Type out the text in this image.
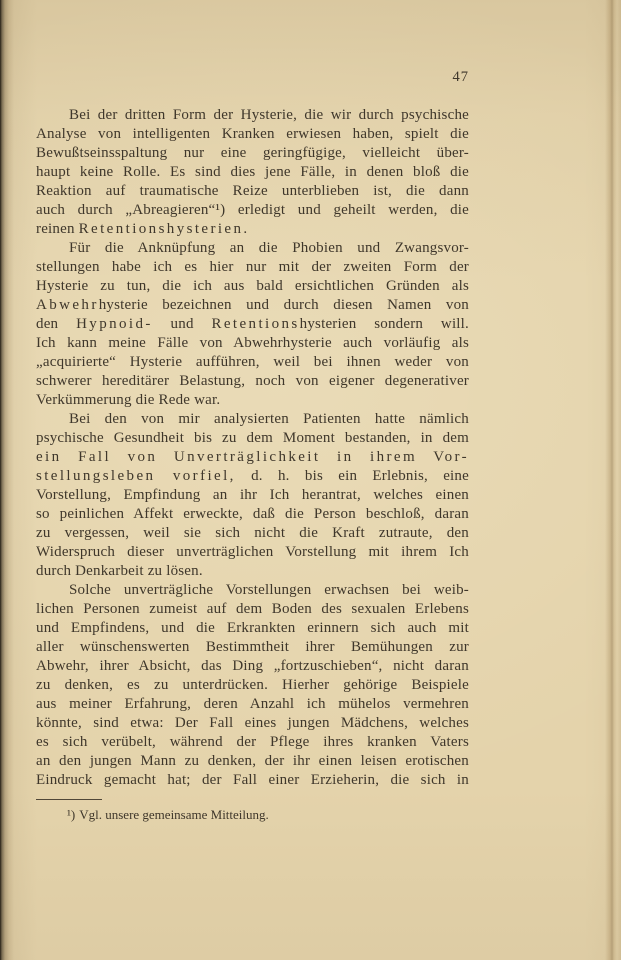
47
Bei der dritten Form der Hysterie, die wir durch psychische
Analyse von intelligenten Kranken erwiesen haben, spielt die
Bewußtseinsspaltung nur eine geringfügige, vielleicht über-
haupt keine Rolle. Es sind dies jene Fälle, in denen bloß die
Reaktion auf traumatische Reize unterblieben ist, die dann
auch durch „Abreagieren“¹) erledigt und geheilt werden, die
reinen Retentionshysterien.
Für die Anknüpfung an die Phobien und Zwangsvor-
stellungen habe ich es hier nur mit der zweiten Form der
Hysterie zu tun, die ich aus bald ersichtlichen Gründen als
Abwehrhysterie bezeichnen und durch diesen Namen von
den Hypnoid- und Retentionshysterien sondern will.
Ich kann meine Fälle von Abwehrhysterie auch vorläufig als
„acquirierte“ Hysterie aufführen, weil bei ihnen weder von
schwerer hereditärer Belastung, noch von eigener degenerativer
Verkümmerung die Rede war.
Bei den von mir analysierten Patienten hatte nämlich
psychische Gesundheit bis zu dem Moment bestanden, in dem
ein Fall von Unverträglichkeit in ihrem Vor-
stellungsleben vorfiel, d. h. bis ein Erlebnis, eine
Vorstellung, Empfindung an ihr Ich herantrat, welches einen
so peinlichen Affekt erweckte, daß die Person beschloß, daran
zu vergessen, weil sie sich nicht die Kraft zutraute, den
Widerspruch dieser unverträglichen Vorstellung mit ihrem Ich
durch Denkarbeit zu lösen.
Solche unverträgliche Vorstellungen erwachsen bei weib-
lichen Personen zumeist auf dem Boden des sexualen Erlebens
und Empfindens, und die Erkrankten erinnern sich auch mit
aller wünschenswerten Bestimmtheit ihrer Bemühungen zur
Abwehr, ihrer Absicht, das Ding „fortzuschieben“, nicht daran
zu denken, es zu unterdrücken. Hierher gehörige Beispiele
aus meiner Erfahrung, deren Anzahl ich mühelos vermehren
könnte, sind etwa: Der Fall eines jungen Mädchens, welches
es sich verübelt, während der Pflege ihres kranken Vaters
an den jungen Mann zu denken, der ihr einen leisen erotischen
Eindruck gemacht hat; der Fall einer Erzieherin, die sich in
¹) Vgl. unsere gemeinsame Mitteilung.
